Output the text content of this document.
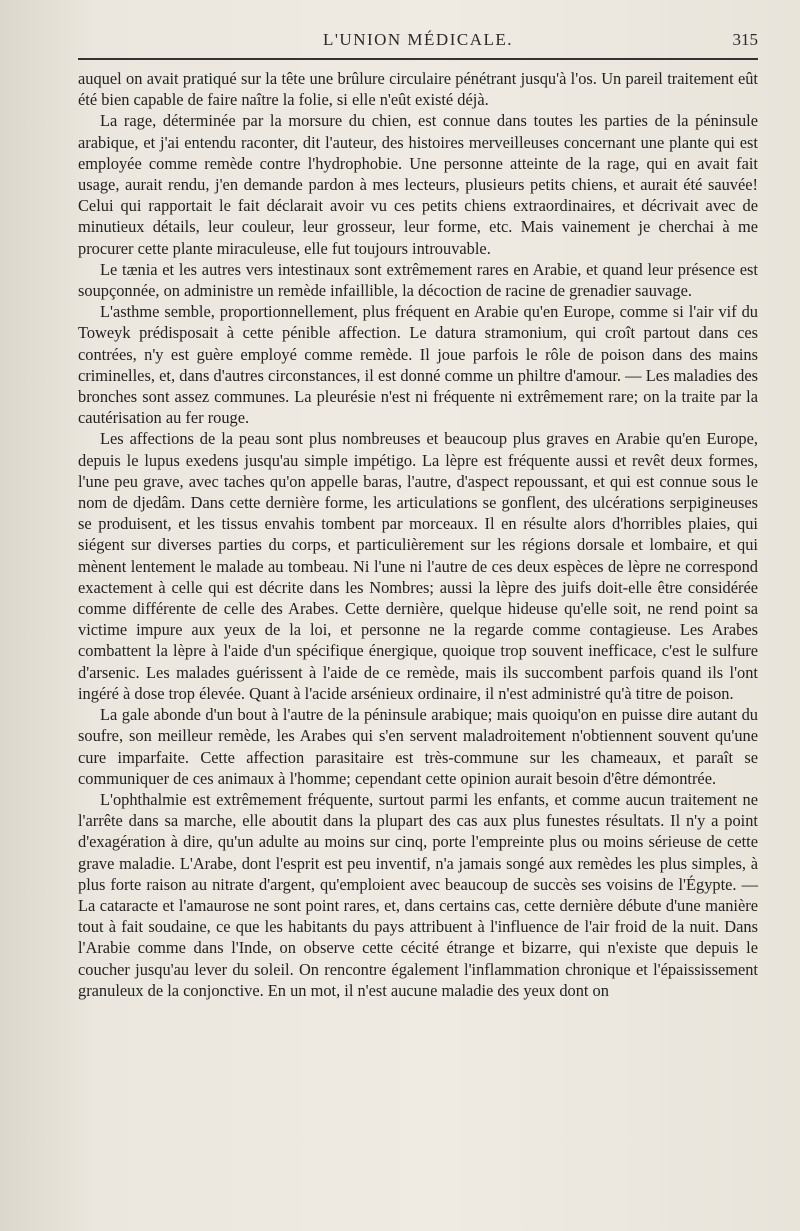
L'UNION MÉDICALE.	315

auquel on avait pratiqué sur la tête une brûlure circulaire pénétrant jusqu'à l'os. Un pareil traitement eût été bien capable de faire naître la folie, si elle n'eût existé déjà.

La rage, déterminée par la morsure du chien, est connue dans toutes les parties de la péninsule arabique, et j'ai entendu raconter, dit l'auteur, des histoires merveilleuses concernant une plante qui est employée comme remède contre l'hydrophobie. Une personne atteinte de la rage, qui en avait fait usage, aurait rendu, j'en demande pardon à mes lecteurs, plusieurs petits chiens, et aurait été sauvée! Celui qui rapportait le fait déclarait avoir vu ces petits chiens extraordinaires, et décrivait avec de minutieux détails, leur couleur, leur grosseur, leur forme, etc. Mais vainement je cherchai à me procurer cette plante miraculeuse, elle fut toujours introuvable.

Le tænia et les autres vers intestinaux sont extrêmement rares en Arabie, et quand leur présence est soupçonnée, on administre un remède infaillible, la décoction de racine de grenadier sauvage.

L'asthme semble, proportionnellement, plus fréquent en Arabie qu'en Europe, comme si l'air vif du Toweyk prédisposait à cette pénible affection. Le datura stramonium, qui croît partout dans ces contrées, n'y est guère employé comme remède. Il joue parfois le rôle de poison dans des mains criminelles, et, dans d'autres circonstances, il est donné comme un philtre d'amour. — Les maladies des bronches sont assez communes. La pleurésie n'est ni fréquente ni extrêmement rare; on la traite par la cautérisation au fer rouge.

Les affections de la peau sont plus nombreuses et beaucoup plus graves en Arabie qu'en Europe, depuis le lupus exedens jusqu'au simple impétigo. La lèpre est fréquente aussi et revêt deux formes, l'une peu grave, avec taches qu'on appelle baras, l'autre, d'aspect repoussant, et qui est connue sous le nom de djedâm. Dans cette dernière forme, les articulations se gonflent, des ulcérations serpigineuses se produisent, et les tissus envahis tombent par morceaux. Il en résulte alors d'horribles plaies, qui siégent sur diverses parties du corps, et particulièrement sur les régions dorsale et lombaire, et qui mènent lentement le malade au tombeau. Ni l'une ni l'autre de ces deux espèces de lèpre ne correspond exactement à celle qui est décrite dans les Nombres; aussi la lèpre des juifs doit-elle être considérée comme différente de celle des Arabes. Cette dernière, quelque hideuse qu'elle soit, ne rend point sa victime impure aux yeux de la loi, et personne ne la regarde comme contagieuse. Les Arabes combattent la lèpre à l'aide d'un spécifique énergique, quoique trop souvent inefficace, c'est le sulfure d'arsenic. Les malades guérissent à l'aide de ce remède, mais ils succombent parfois quand ils l'ont ingéré à dose trop élevée. Quant à l'acide arsénieux ordinaire, il n'est administré qu'à titre de poison.

La gale abonde d'un bout à l'autre de la péninsule arabique; mais quoiqu'on en puisse dire autant du soufre, son meilleur remède, les Arabes qui s'en servent maladroitement n'obtiennent souvent qu'une cure imparfaite. Cette affection parasitaire est très-commune sur les chameaux, et paraît se communiquer de ces animaux à l'homme; cependant cette opinion aurait besoin d'être démontrée.

L'ophthalmie est extrêmement fréquente, surtout parmi les enfants, et comme aucun traitement ne l'arrête dans sa marche, elle aboutit dans la plupart des cas aux plus funestes résultats. Il n'y a point d'exagération à dire, qu'un adulte au moins sur cinq, porte l'empreinte plus ou moins sérieuse de cette grave maladie. L'Arabe, dont l'esprit est peu inventif, n'a jamais songé aux remèdes les plus simples, à plus forte raison au nitrate d'argent, qu'emploient avec beaucoup de succès ses voisins de l'Égypte. — La cataracte et l'amaurose ne sont point rares, et, dans certains cas, cette dernière débute d'une manière tout à fait soudaine, ce que les habitants du pays attribuent à l'influence de l'air froid de la nuit. Dans l'Arabie comme dans l'Inde, on observe cette cécité étrange et bizarre, qui n'existe que depuis le coucher jusqu'au lever du soleil. On rencontre également l'inflammation chronique et l'épaississement granuleux de la conjonctive. En un mot, il n'est aucune maladie des yeux dont on
